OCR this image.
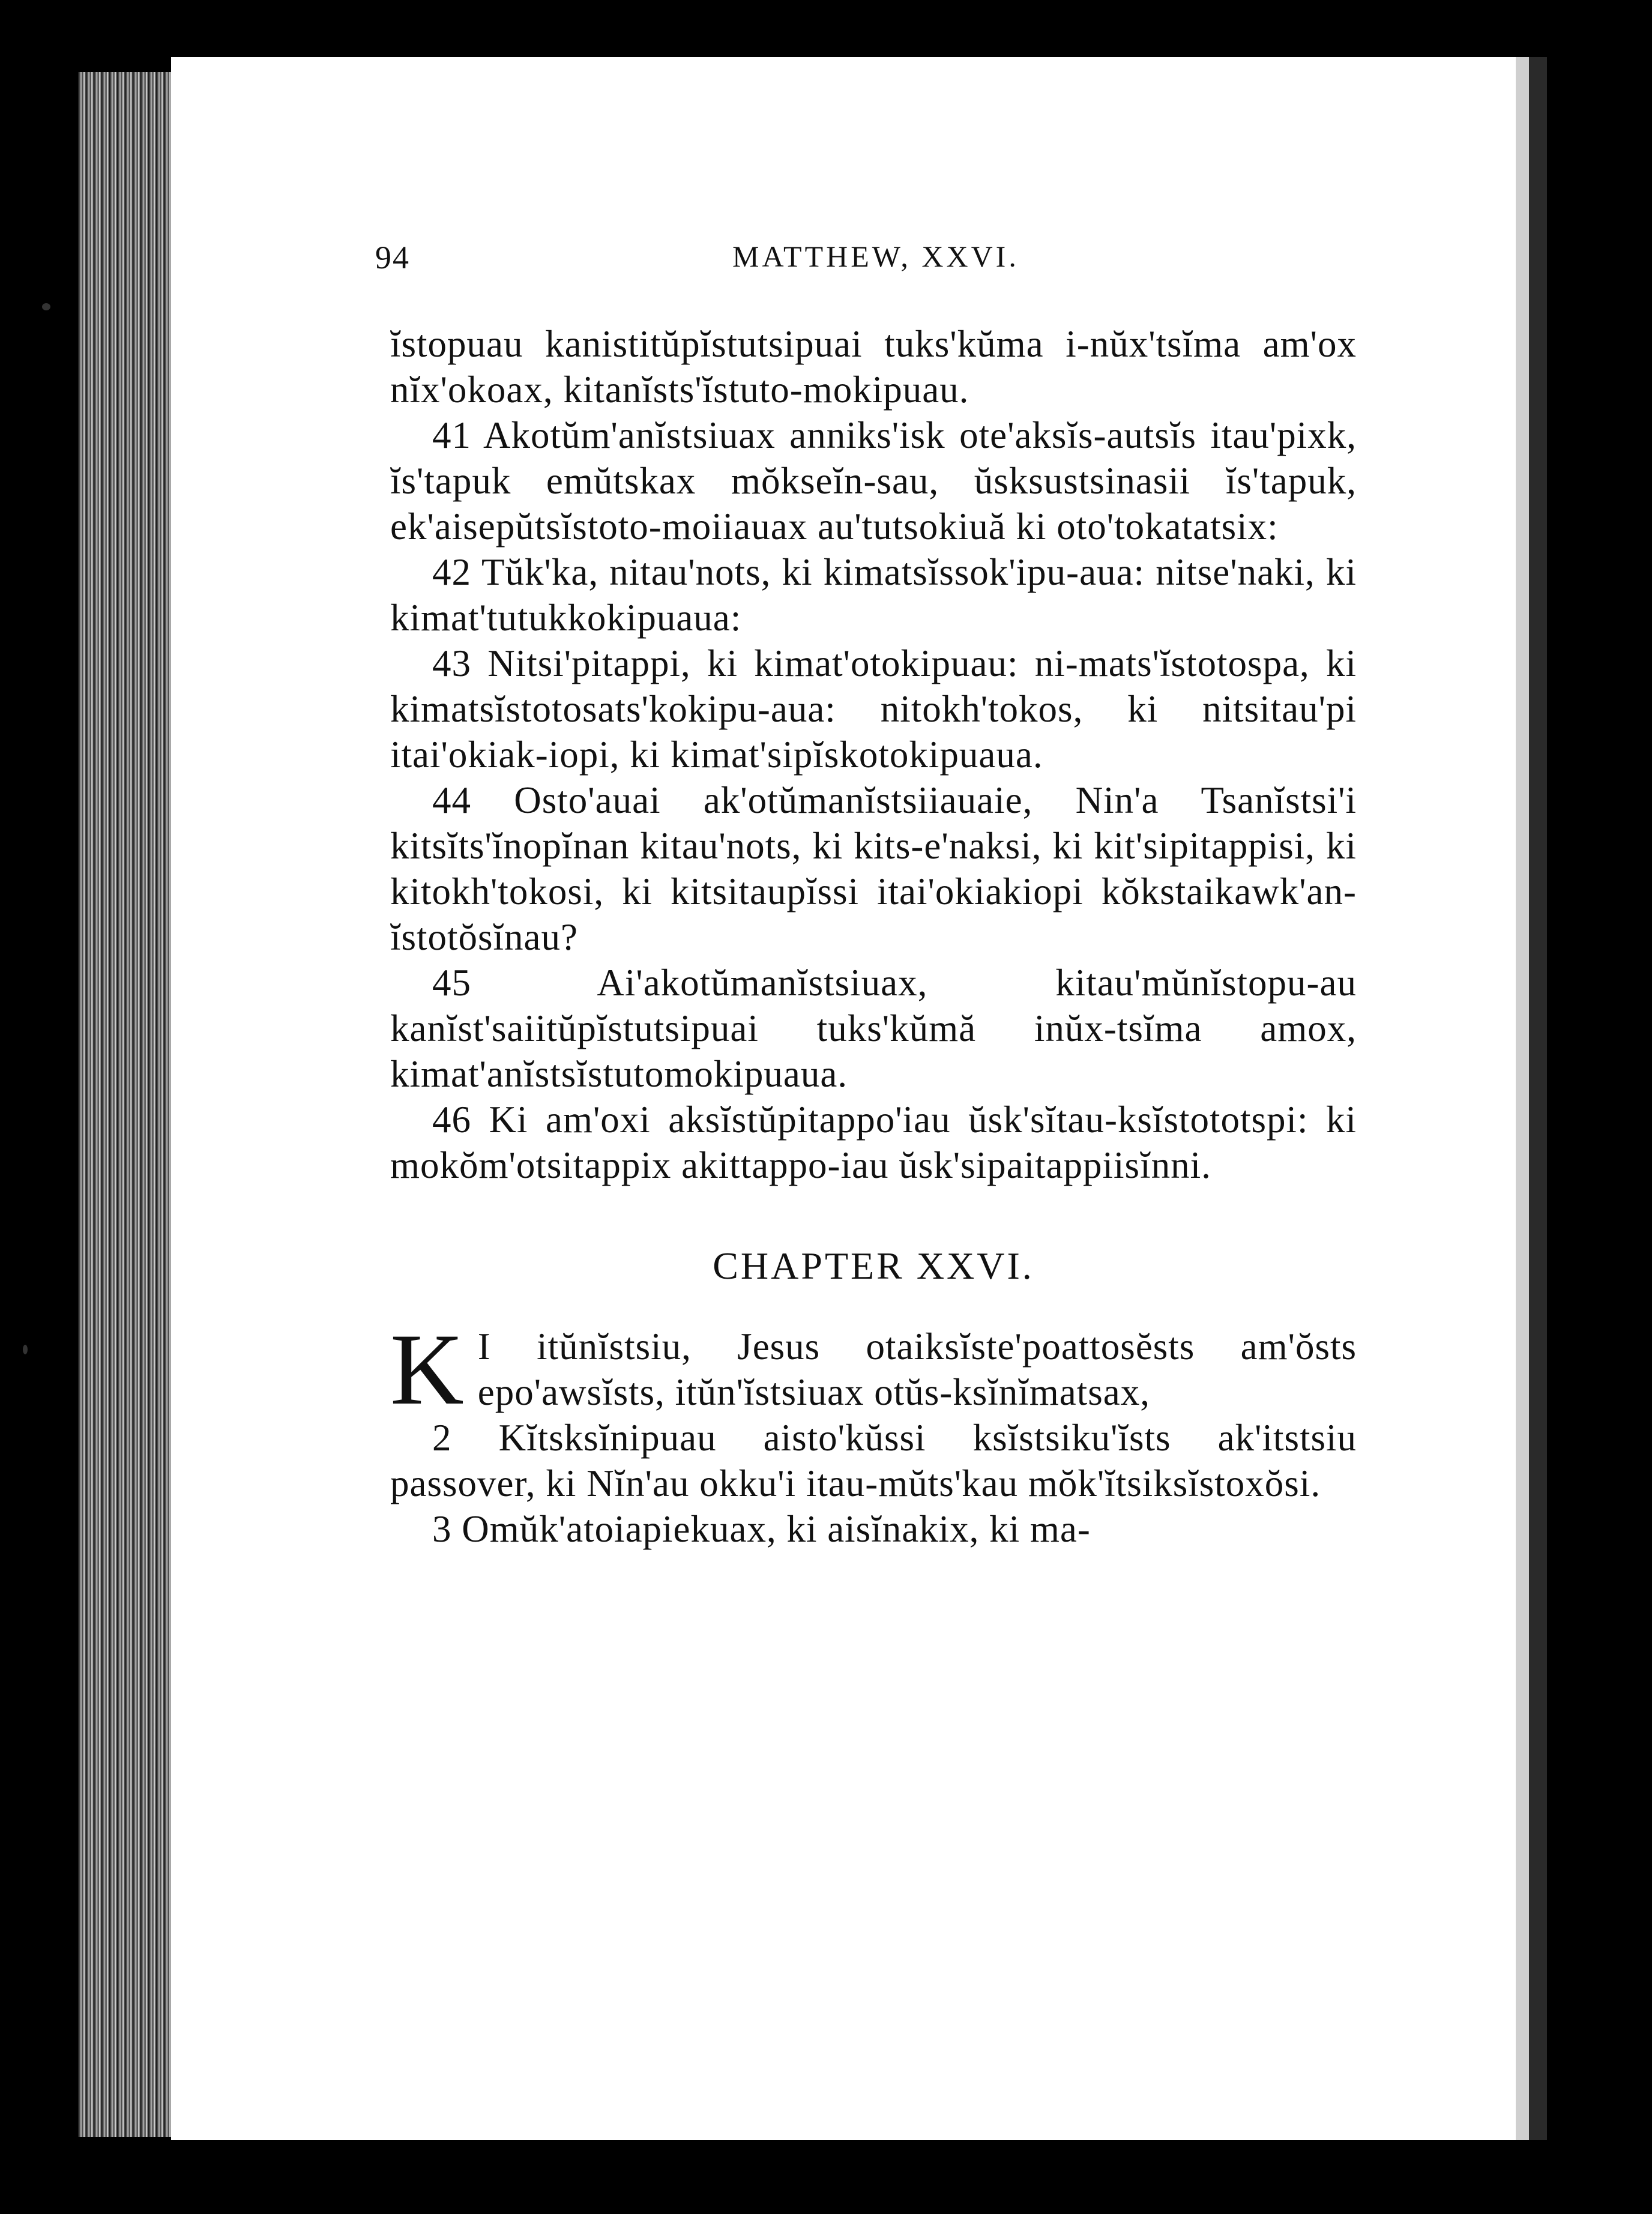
94	MATTHEW, XXVI.

ĭstopuau kanistitŭpĭstutsipuai tuks'kŭma i-nŭx'tsĭma am'ox nĭx'okoax, kitanĭsts'ĭstuto-mokipuau.

41 Akotŭm'anĭstsiuax anniks'isk ote'aksĭs-autsĭs itau'pixk, ĭs'tapuk emŭtskax mŏkseĭn-sau, ŭsksustsinasii ĭs'tapuk, ek'aisepŭtsĭstoto-moiiauax au'tutsokiuă ki oto'tokatatsix:

42 Tŭk'ka, nitau'nots, ki kimatsĭssok'ipu-aua: nitse'naki, ki kimat'tutukkokipuaua:

43 Nitsi'pitappi, ki kimat'otokipuau: ni-mats'ĭstotospa, ki kimatsĭstotosats'kokipu-aua: nitokh'tokos, ki nitsitau'pi itai'okiak-iopi, ki kimat'sipĭskotokipuaua.

44 Osto'auai ak'otŭmanĭstsiiauaie, Nin'a Tsanĭstsi'i kitsĭts'ĭnopĭnan kitau'nots, ki kits-e'naksi, ki kit'sipitappisi, ki kitokh'tokosi, ki kitsitaupĭssi itai'okiakiopi kŏkstaikawk'an-ĭstotŏsĭnau?

45 Ai'akotŭmanĭstsiuax, kitau'mŭnĭstopu-au kanĭst'saiitŭpĭstutsipuai tuks'kŭmă inŭx-tsĭma amox, kimat'anĭstsĭstutomokipuaua.

46 Ki am'oxi aksĭstŭpitappo'iau ŭsk'sĭtau-ksĭstototspi: ki mokŏm'otsitappix akittappo-iau ŭsk'sipaitappiisĭnni.

CHAPTER XXVI.

K I itŭnĭstsiu, Jesus otaiksĭste'poattosĕsts am'ŏsts epo'awsĭsts, itŭn'ĭstsiuax otŭs-ksĭnĭmatsax,

2 Kĭtsksĭnipuau aisto'kŭssi ksĭstsiku'ĭsts ak'itstsiu passover, ki Nĭn'au okku'i itau-mŭts'kau mŏk'ĭtsiksĭstoxŏsi.

3 Omŭk'atoiapiekuax, ki aisĭnakix, ki ma-
